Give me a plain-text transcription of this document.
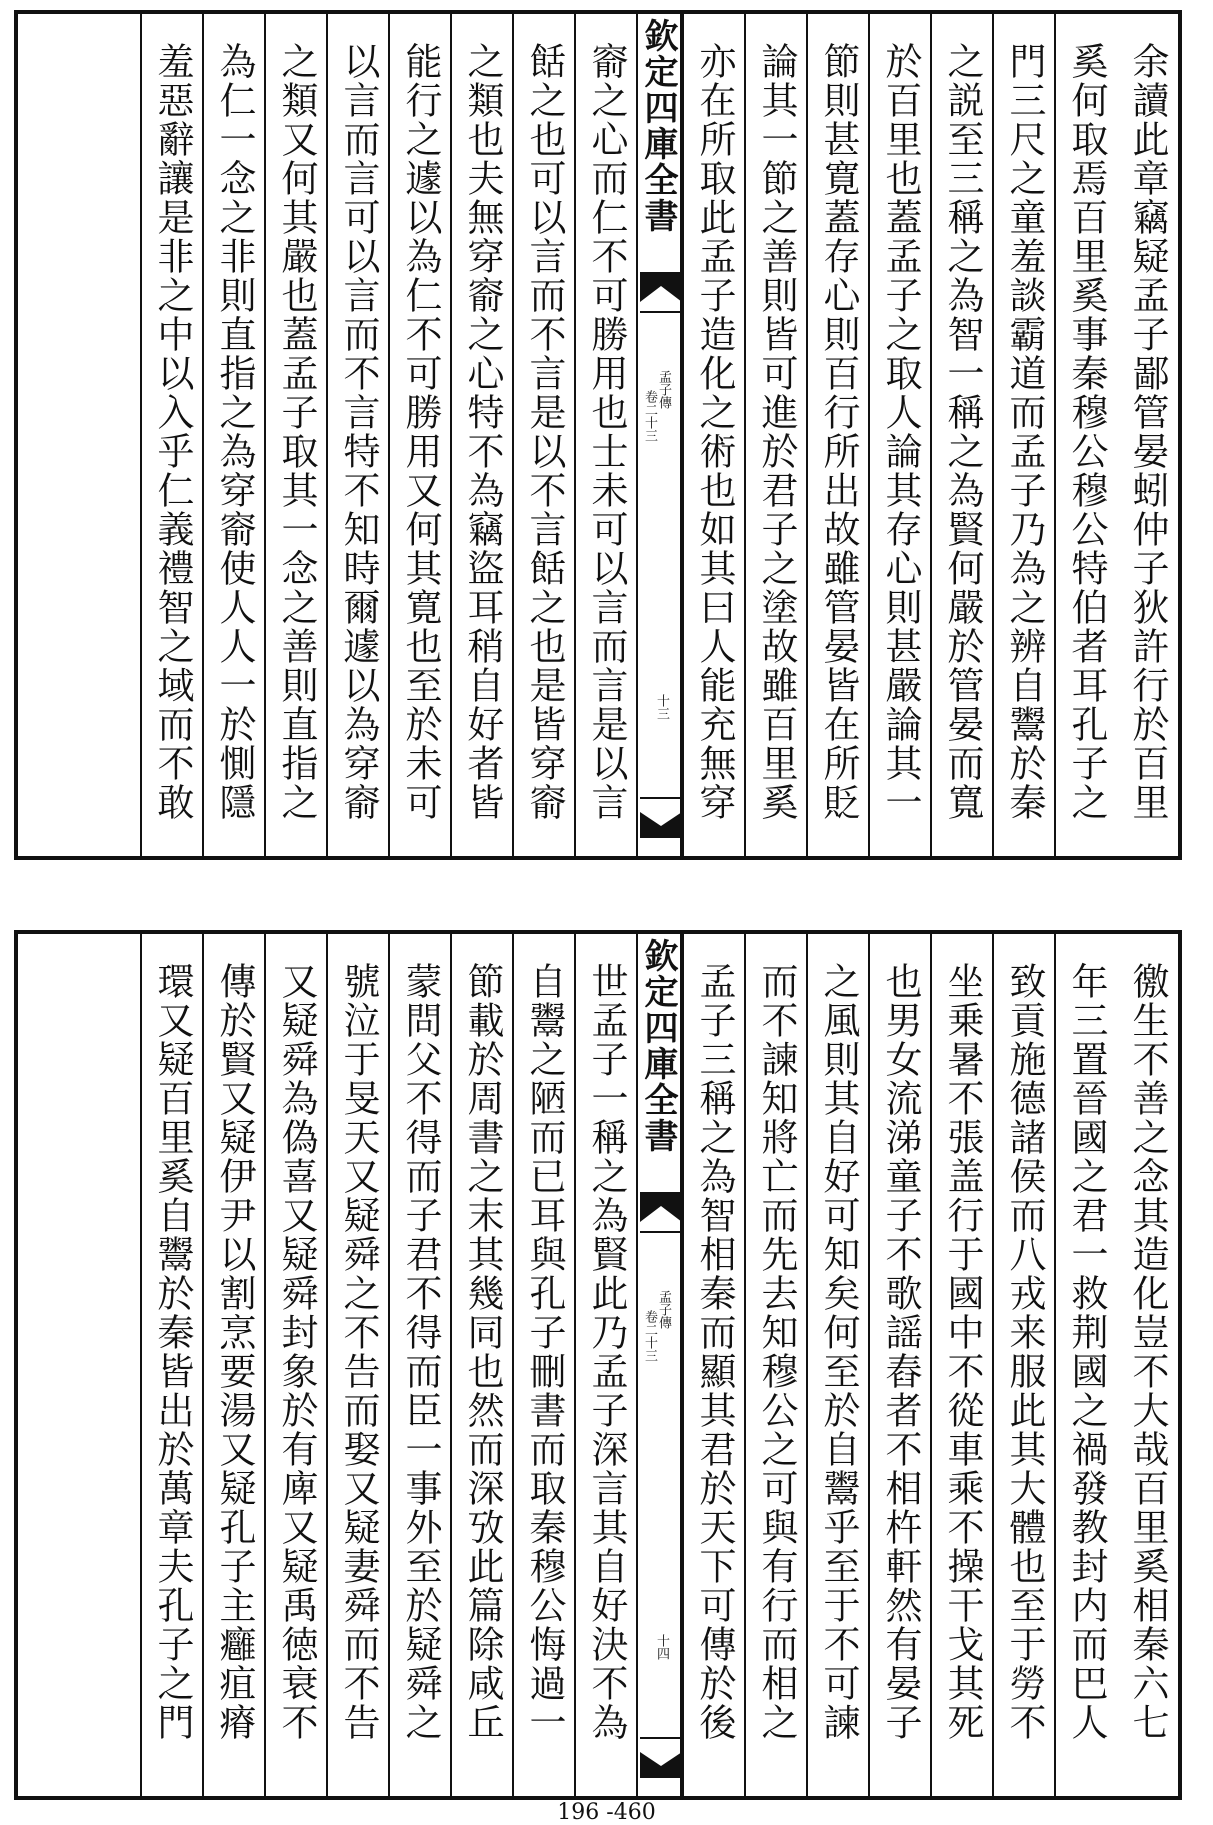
余讀此章竊疑孟子鄙管晏蚓仲子狄許行於百里
奚何取焉百里奚事秦穆公穆公特伯者耳孔子之
門三尺之童羞談霸道而孟子乃為之辨自鬻於秦
之説至三稱之為智一稱之為賢何嚴於管晏而寬
於百里也蓋孟子之取人論其存心則甚嚴論其一
節則甚寛蓋存心則百行所出故雖管晏皆在所貶
論其一節之善則皆可進於君子之塗故雖百里奚
亦在所取此孟子造化之術也如其曰人能充無穿
欽定四庫全書
孟子傳
卷二十三
十三
窬之心而仁不可勝用也士未可以言而言是以言
餂之也可以言而不言是以不言餂之也是皆穿窬
之類也夫無穿窬之心特不為竊盜耳稍自好者皆
能行之遽以為仁不可勝用又何其寛也至於未可
以言而言可以言而不言特不知時爾遽以為穿窬
之類又何其嚴也蓋孟子取其一念之善則直指之
為仁一念之非則直指之為穿窬使人人一於惻隱
羞惡辭讓是非之中以入乎仁義禮智之域而不敢
徼生不善之念其造化豈不大哉百里奚相秦六七
年三置晉國之君一救荆國之禍發教封内而巴人
致貢施德諸侯而八戎来服此其大體也至于勞不
坐乗暑不張盖行于國中不從車乘不操干戈其死
也男女流涕童子不歌謡舂者不相杵軒然有晏子
之風則其自好可知矣何至於自鬻乎至于不可諫
而不諫知將亡而先去知穆公之可與有行而相之
孟子三稱之為智相秦而顯其君於天下可傳於後
欽定四庫全書
孟子傳
卷二十三
十四
世孟子一稱之為賢此乃孟子深言其自好決不為
自鬻之陋而已耳與孔子刪書而取秦穆公悔過一
節載於周書之末其幾同也然而深攷此篇除咸丘
蒙問父不得而子君不得而臣一事外至於疑舜之
號泣于旻天又疑舜之不告而娶又疑妻舜而不告
又疑舜為偽喜又疑舜封象於有庳又疑禹徳衰不
傳於賢又疑伊尹以割烹要湯又疑孔子主癰疽瘠
環又疑百里奚自鬻於秦皆出於萬章夫孔子之門
196 -460
